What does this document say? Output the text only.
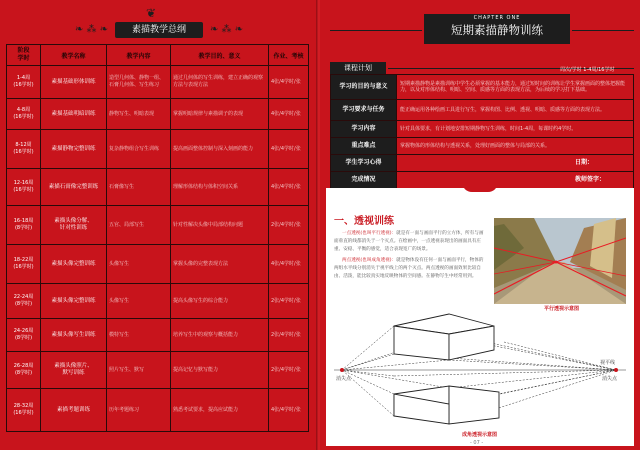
❦
❧ ⁂ ❧	素描教学总纲	❧ ⁂ ❧
阶段
学时	教学名称	教学内容	教学目的、意义	作业、考核
1-4周
(16学时)	素描基础形体训练	造型几何体、静物一组、石膏几何体、写生练习	通过几何体的写生训练，建立正确的观察方法与表现方法	4张/4学时/张
4-8周
(16学时)	素描基础明暗训练	静物写生、明暗表现	掌握明暗规律与素描调子的表现	4张/4学时/张
8-12周
(16学时)	素描静物完整训练	复杂静物组合写生训练	提高画面整体控制与深入刻画的能力	4张/4学时/张
12-16周
(16学时)	素描石膏像完整训练	石膏像写生	理解形体结构与体积空间关系	4张/4学时/张
16-18周
(8学时)	素描头像分解、
针对性训练	五官、局部写生	针对性解决头像中局部结构问题	2张/4学时/张
18-22周
(16学时)	素描头像完整训练	头像写生	掌握头像的完整表现方法	4张/4学时/张
22-24周
(8学时)	素描头像完整训练	头像写生	提高头像写生的综合能力	2张/4学时/张
24-26周
(8学时)	素描头像写生训练	模特写生	培养写生中的观察与概括能力	2张/4学时/张
26-28周
(8学时)	素描头像照片、
默写训练	照片写生、默写	提高记忆与默写能力	2张/4学时/张
28-32周
(16学时)	素描考题训练	历年考题练习	熟悉考试要求，提高应试能力	4张/4学时/张
CHAPTER ONE
短期素描静物训练
课程计划	周次/学时 1-4周/16学时
学习的目的与意义	短期素描静物是素描训练中学生必须掌握的基本能力，通过短时间的训练让学生掌握画面的整体把握能力，以及对形体结构、明暗、空间、质感等方面的表现方法，为后续的学习打下基础。
学习要求与任务	能正确运用各种绘画工具进行写生，掌握构图、比例、透视、明暗、质感等方面的表现方法。
学习内容	针对具体要求，有计划地安排短期静物写生训练，时间1-4周，每课时约4学时。
重点难点	掌握物体的形体结构与透视关系，处理好画面的整体与局部的关系。
学生学习心得	日期：
完成情况	教师签字：
一、透视训练

一点透视(也叫平行透视)：就是有一面与画面平行的立方体，所有与画面垂直的线都消失于一个灭点。在绘画中，一点透视表现出的画面具有庄重、安稳、平衡的感觉，适合表现宽广的场景。

两点透视(也叫成角透视)：就是物体没有任何一面与画面平行，物体的两组水平线分别消失于视平线上的两个灭点。两点透视的画面效果比较自由、活泼，能比较真实地反映物体的空间感。在静物写生中经常用到。

平行透视示意图
消失点	消失点
视平线
成角透视示意图
- 07 -
